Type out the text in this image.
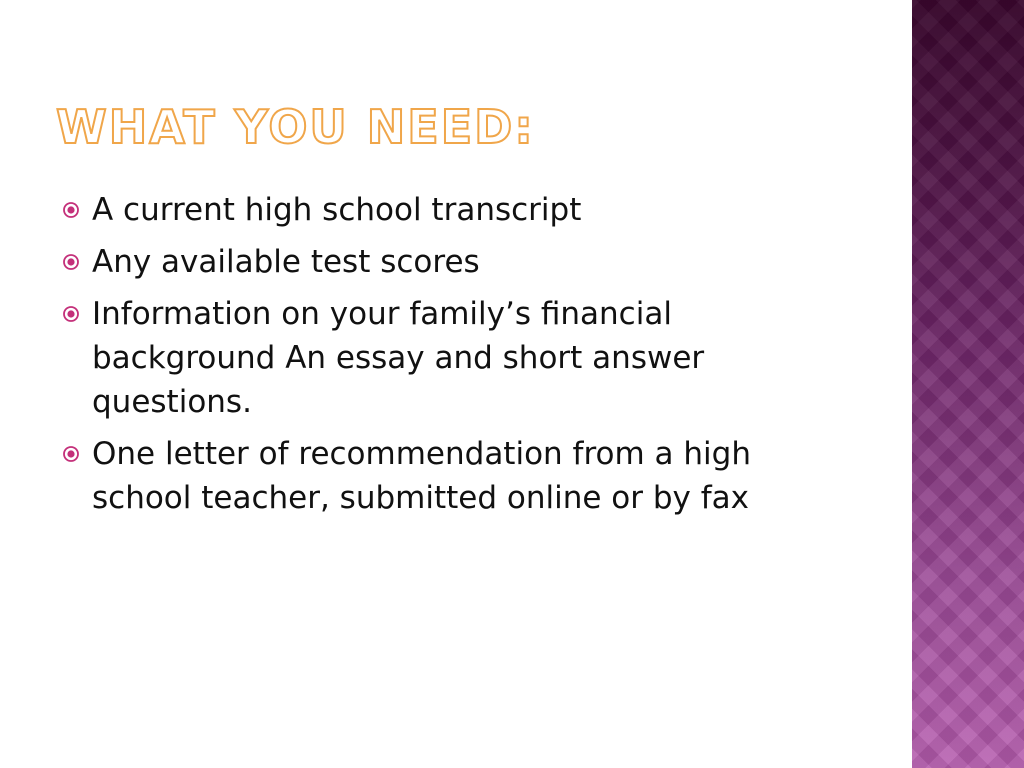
WHAT YOU NEED:
A current high school transcript
Any available test scores
Information on your family’s financial background An essay and short answer questions.
One letter of recommendation from a high school teacher, submitted online or by fax
